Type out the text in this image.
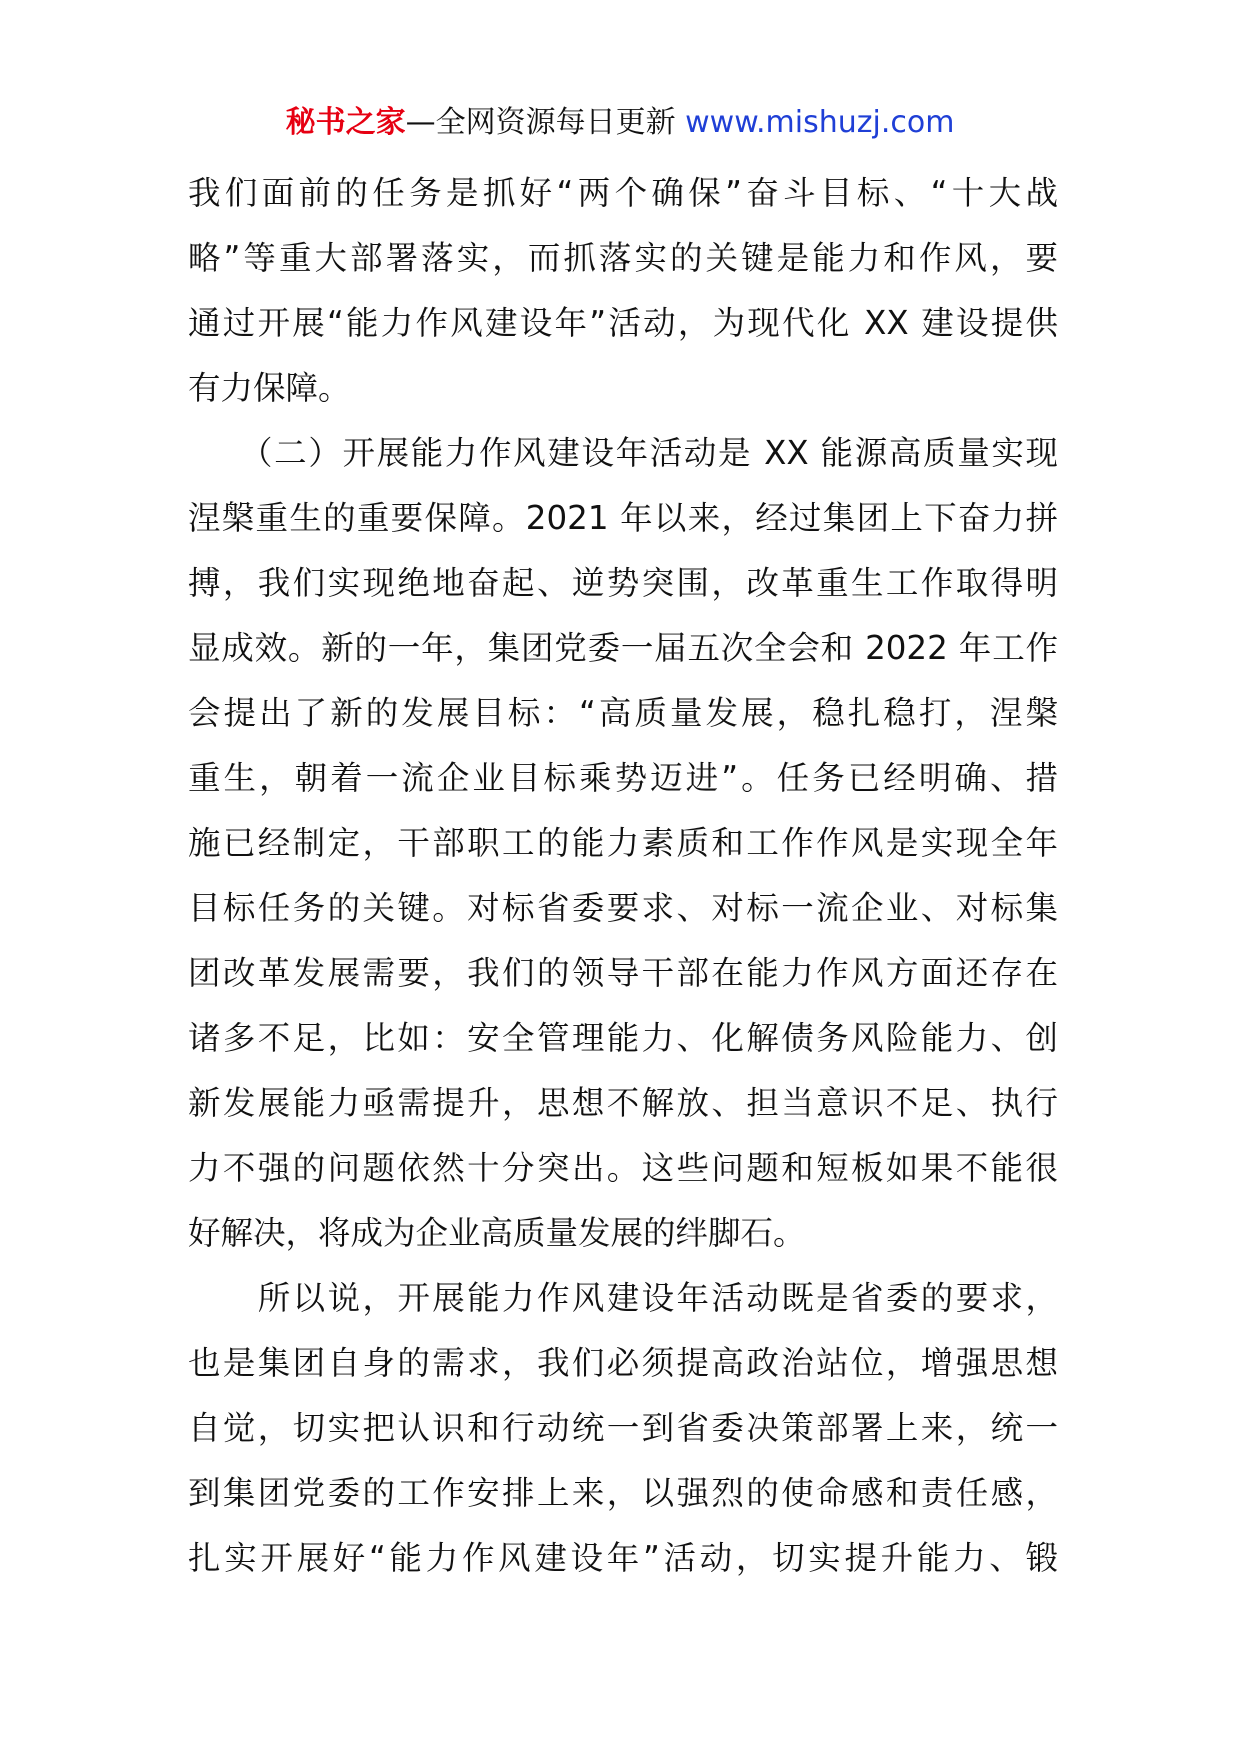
秘书之家—全网资源每日更新 www.mishuzj.com
我们面前的任务是抓好“两个确保”奋斗目标、“十大战
略”等重大部署落实，而抓落实的关键是能力和作风，要
通过开展“能力作风建设年”活动，为现代化 XX 建设提供
有力保障。
　　（二）开展能力作风建设年活动是 XX 能源高质量实现
涅槃重生的重要保障。2021 年以来，经过集团上下奋力拼
搏，我们实现绝地奋起、逆势突围，改革重生工作取得明
显成效。新的一年，集团党委一届五次全会和 2022 年工作
会提出了新的发展目标：“高质量发展，稳扎稳打，涅槃
重生，朝着一流企业目标乘势迈进”。任务已经明确、措
施已经制定，干部职工的能力素质和工作作风是实现全年
目标任务的关键。对标省委要求、对标一流企业、对标集
团改革发展需要，我们的领导干部在能力作风方面还存在
诸多不足，比如：安全管理能力、化解债务风险能力、创
新发展能力亟需提升，思想不解放、担当意识不足、执行
力不强的问题依然十分突出。这些问题和短板如果不能很
好解决，将成为企业高质量发展的绊脚石。
　　所以说，开展能力作风建设年活动既是省委的要求，
也是集团自身的需求，我们必须提高政治站位，增强思想
自觉，切实把认识和行动统一到省委决策部署上来，统一
到集团党委的工作安排上来，以强烈的使命感和责任感，
扎实开展好“能力作风建设年”活动，切实提升能力、锻
